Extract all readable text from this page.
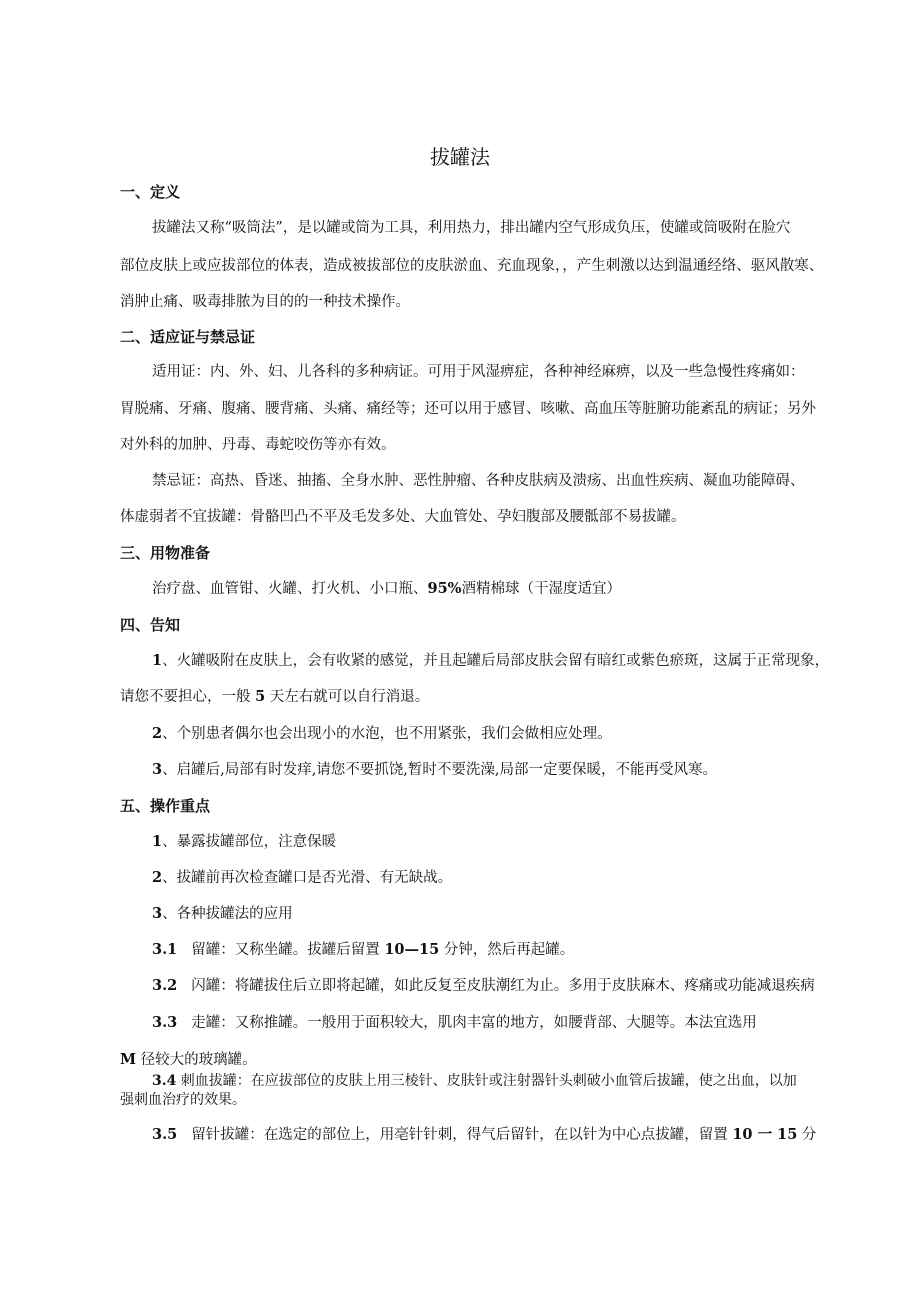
拔罐法
一、定义

拔罐法又称“吸筒法”，是以罐或筒为工具，利用热力，排出罐内空气形成负压，使罐或筒吸附在脸穴

部位皮肤上或应拔部位的体表，造成被拔部位的皮肤淤血、充血现象，，产生刺激以达到温通经络、驱风散寒、

消肿止痛、吸毒排脓为目的的一种技术操作。

二、适应证与禁忌证

适用证：内、外、妇、儿各科的多种病证。可用于风湿痹症，各种神经麻痹，以及一些急慢性疼痛如：

胃脱痛、牙痛、腹痛、腰背痛、头痛、痛经等；还可以用于感冒、咳嗽、高血压等脏腑功能紊乱的病证；另外

对外科的加肿、丹毒、毒蛇咬伤等亦有效。

禁忌证：高热、昏迷、抽搐、全身水肿、恶性肿瘤、各种皮肤病及溃疡、出血性疾病、凝血功能障碍、

体虚弱者不宜拔罐：骨骼凹凸不平及毛发多处、大血管处、孕妇腹部及腰骶部不易拔罐。

三、用物准备

治疗盘、血管钳、火罐、打火机、小口瓶、95%酒精棉球（干湿度适宜）

四、告知

1、火罐吸附在皮肤上，会有收紧的感觉，并且起罐后局部皮肤会留有暗红或紫色瘀斑，这属于正常现象，

请您不要担心，一般 5 天左右就可以自行消退。

2、个别患者偶尔也会出现小的水泡，也不用紧张，我们会做相应处理。

3、启罐后,局部有时发痒,请您不要抓饶,暂时不要洗澡,局部一定要保暖，不能再受风寒。

五、操作重点

1、暴露拔罐部位，注意保暖

2、拔罐前再次检查罐口是否光滑、有无缺战。

3、各种拔罐法的应用

3.1 留罐：又称坐罐。拔罐后留置 10—15 分钟，然后再起罐。

3.2 闪罐：将罐拔住后立即将起罐，如此反复至皮肤潮红为止。多用于皮肤麻木、疼痛或功能减退疾病

3.3 走罐：又称推罐。一般用于面积较大，肌肉丰富的地方，如腰背部、大腿等。本法宜选用

M 径较大的玻璃罐。

3.4 刺血拔罐：在应拔部位的皮肤上用三棱针、皮肤针或注射器针头刺破小血管后拔罐，使之出血，以加

强刺血治疗的效果。

3.5 留针拔罐：在选定的部位上，用亳针针刺，得气后留针，在以针为中心点拔罐，留置 10 一 15 分
